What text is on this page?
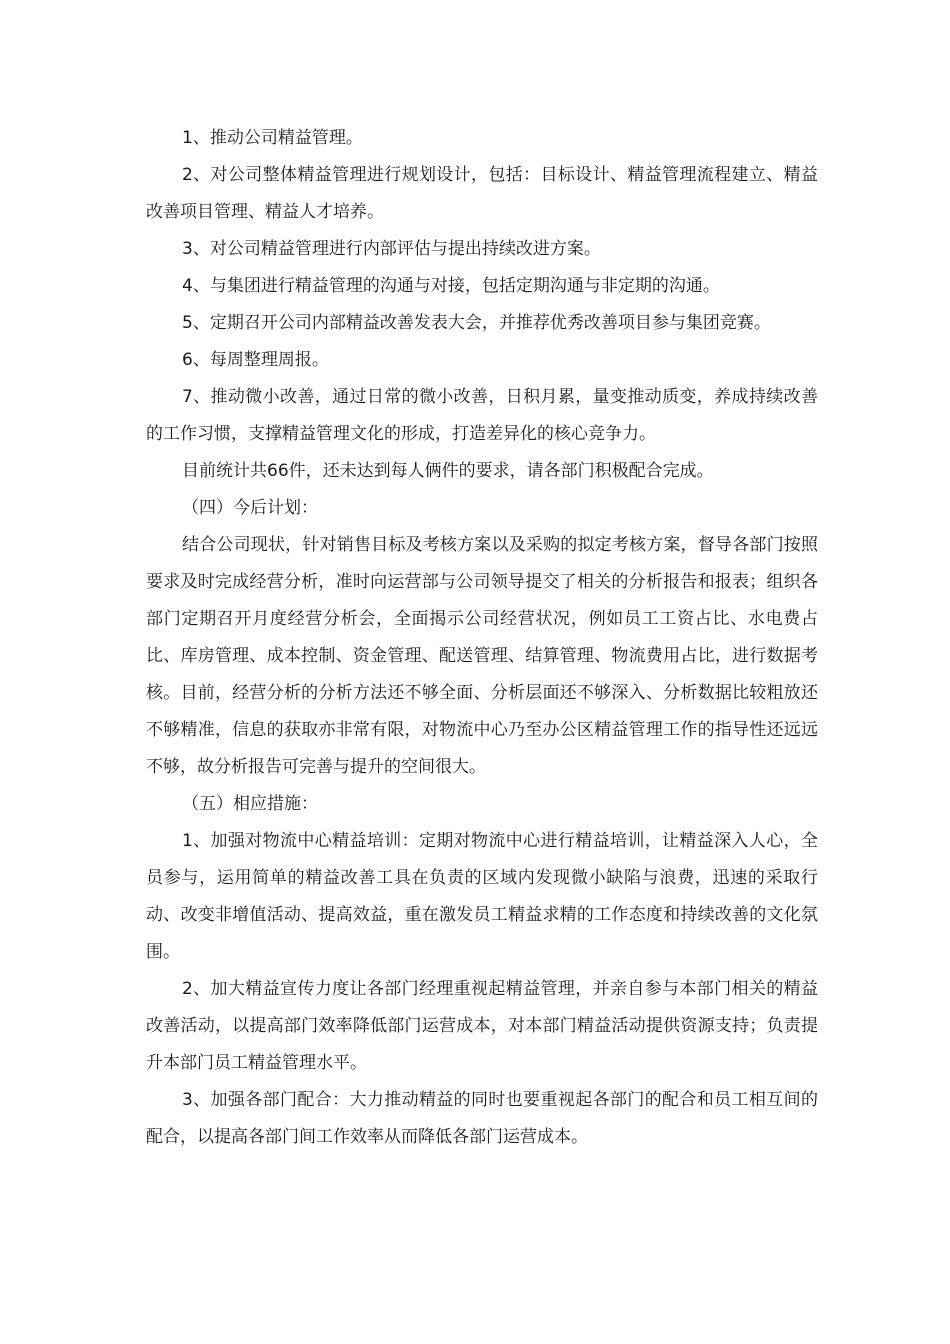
1、推动公司精益管理。

2、对公司整体精益管理进行规划设计，包括：目标设计、精益管理流程建立、精益改善项目管理、精益人才培养。

3、对公司精益管理进行内部评估与提出持续改进方案。

4、与集团进行精益管理的沟通与对接，包括定期沟通与非定期的沟通。

5、定期召开公司内部精益改善发表大会，并推荐优秀改善项目参与集团竞赛。

6、每周整理周报。

7、推动微小改善，通过日常的微小改善，日积月累，量变推动质变，养成持续改善的工作习惯，支撑精益管理文化的形成，打造差异化的核心竞争力。

目前统计共66件，还未达到每人俩件的要求，请各部门积极配合完成。

（四）今后计划：

结合公司现状，针对销售目标及考核方案以及采购的拟定考核方案，督导各部门按照要求及时完成经营分析，准时向运营部与公司领导提交了相关的分析报告和报表；组织各部门定期召开月度经营分析会，全面揭示公司经营状况，例如员工工资占比、水电费占比、库房管理、成本控制、资金管理、配送管理、结算管理、物流费用占比，进行数据考核。目前，经营分析的分析方法还不够全面、分析层面还不够深入、分析数据比较粗放还不够精准，信息的获取亦非常有限，对物流中心乃至办公区精益管理工作的指导性还远远不够，故分析报告可完善与提升的空间很大。

（五）相应措施：

1、加强对物流中心精益培训：定期对物流中心进行精益培训，让精益深入人心，全员参与，运用简单的精益改善工具在负责的区域内发现微小缺陷与浪费，迅速的采取行动、改变非增值活动、提高效益，重在激发员工精益求精的工作态度和持续改善的文化氛围。

2、加大精益宣传力度让各部门经理重视起精益管理，并亲自参与本部门相关的精益改善活动，以提高部门效率降低部门运营成本，对本部门精益活动提供资源支持；负责提升本部门员工精益管理水平。

3、加强各部门配合：大力推动精益的同时也要重视起各部门的配合和员工相互间的配合，以提高各部门间工作效率从而降低各部门运营成本。
